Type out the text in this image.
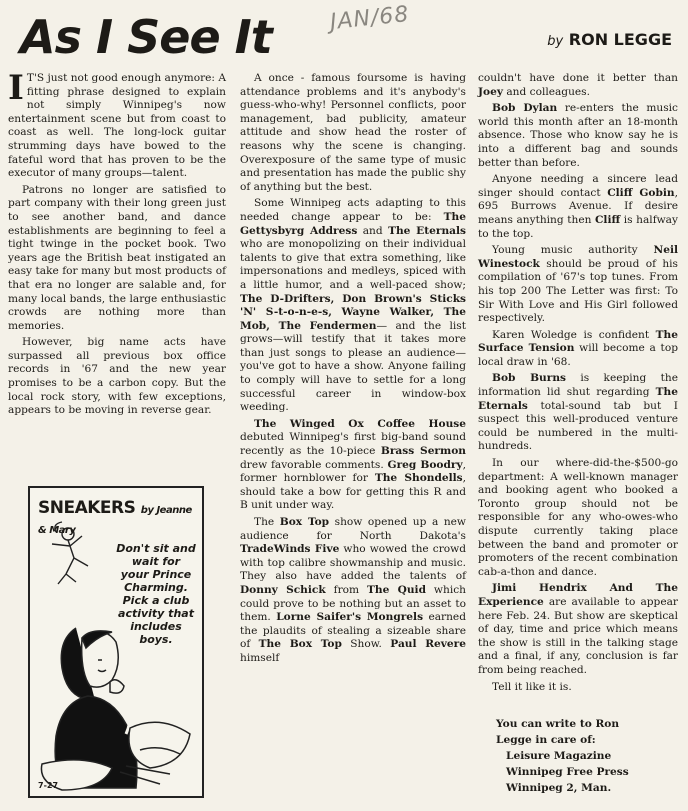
As I See It	JAN/68
by RON LEGGE

I T'S just not good enough anymore: A fitting phrase designed to explain not simply Winnipeg's now entertainment scene but from coast to coast as well. The long-lock guitar strumming days have bowed to the fateful word that has proven to be the executor of many groups—talent.

Patrons no longer are satisfied to part company with their long green just to see another band, and dance establishments are beginning to feel a tight twinge in the pocket book. Two years age the British beat instigated an easy take for many but most products of that era no longer are salable and, for many local bands, the large enthusiastic crowds are nothing more than memories.

However, big name acts have surpassed all previous box office records in '67 and the new year promises to be a carbon copy. But the local rock story, with few exceptions, appears to be moving in reverse gear.

SNEAKERS by Jeanne & Mary
Don't sit and wait for your Prince Charming. Pick a club activity that includes boys.
7-27

A once - famous foursome is having attendance problems and it's anybody's guess-who-why! Personnel conflicts, poor management, bad publicity, amateur attitude and show head the roster of reasons why the scene is changing. Overexposure of the same type of music and presentation has made the public shy of anything but the best.

Some Winnipeg acts adapting to this needed change appear to be: The Gettysbyrg Address and The Eternals who are monopolizing on their individual talents to give that extra something, like impersonations and medleys, spiced with a little humor, and a well-paced show; The D-Drifters, Don Brown's Sticks 'N' S-t-o-n-e-s, Wayne Walker, The Mob, The Fendermen— and the list grows—will testify that it takes more than just songs to please an audience—you've got to have a show. Anyone failing to comply will have to settle for a long successful career in window-box weeding.

The Winged Ox Coffee House debuted Winnipeg's first big-band sound recently as the 10-piece Brass Sermon drew favorable comments. Greg Boodry, former hornblower for The Shondells, should take a bow for getting this R and B unit under way.

The Box Top show opened up a new audience for North Dakota's TradeWinds Five who wowed the crowd with top calibre showmanship and music. They also have added the talents of Donny Schick from The Quid which could prove to be nothing but an asset to them. Lorne Saifer's Mongrels earned the plaudits of stealing a sizeable share of The Box Top Show. Paul Revere himself

couldn't have done it better than Joey and colleagues.

Bob Dylan re-enters the music world this month after an 18-month absence. Those who know say he is into a different bag and sounds better than before.

Anyone needing a sincere lead singer should contact Cliff Gobin, 695 Burrows Avenue. If desire means anything then Cliff is halfway to the top.

Young music authority Neil Winestock should be proud of his compilation of '67's top tunes. From his top 200 The Letter was first: To Sir With Love and His Girl followed respectively.

Karen Woledge is confident The Surface Tension will become a top local draw in '68.

Bob Burns is keeping the information lid shut regarding The Eternals total-sound tab but I suspect this well-produced venture could be numbered in the multi-hundreds.

In our where-did-the-$500-go department: A well-known manager and booking agent who booked a Toronto group should not be responsible for any who-owes-who dispute currently taking place between the band and promoter or promoters of the recent combination cab-a-thon and dance.

Jimi Hendrix And The Experience are available to appear here Feb. 24. But show are skeptical of day, time and price which means the show is still in the talking stage and a final, if any, conclusion is far from being reached.

Tell it like it is.

You can write to Ron
Legge in care of:
Leisure Magazine
Winnipeg Free Press
Winnipeg 2, Man.
